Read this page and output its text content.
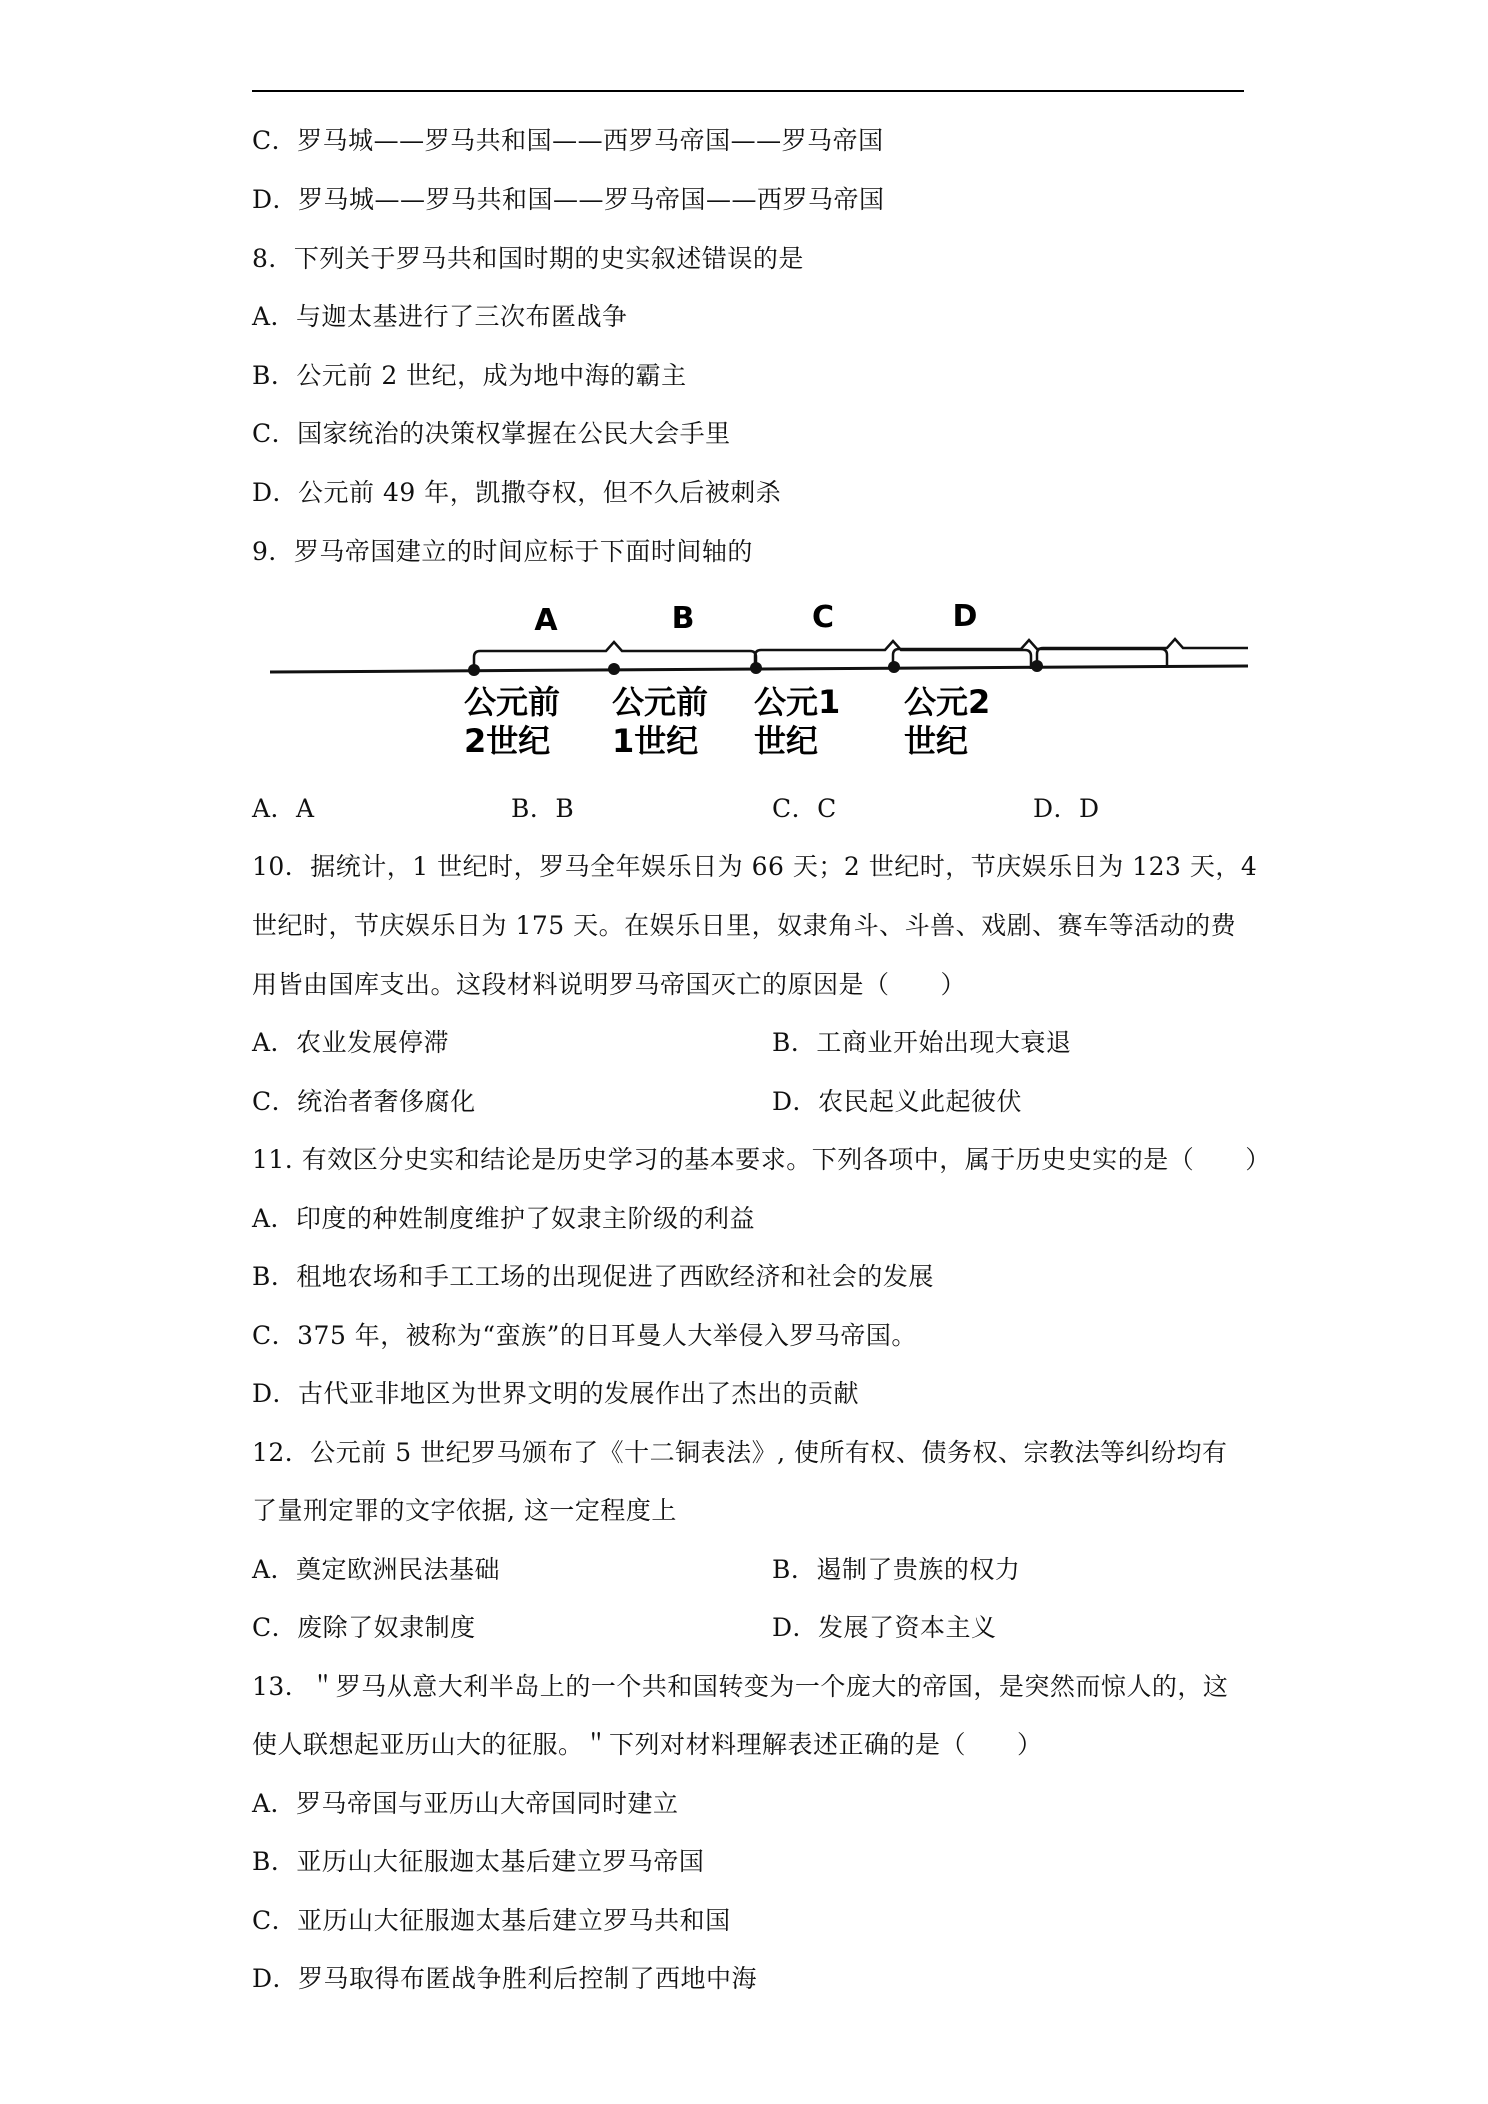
C．罗马城——罗马共和国——西罗马帝国——罗马帝国
D．罗马城——罗马共和国——罗马帝国——西罗马帝国
8．下列关于罗马共和国时期的史实叙述错误的是
A．与迦太基进行了三次布匿战争
B．公元前 2 世纪，成为地中海的霸主
C．国家统治的决策权掌握在公民大会手里
D．公元前 49 年，凯撒夺权，但不久后被刺杀
9．罗马帝国建立的时间应标于下面时间轴的
A	B	C	D
公元前
2世纪
公元前
1世纪
公元1
世纪
公元2
世纪
A．A	B．B	C．C	D．D
10．据统计，1 世纪时，罗马全年娱乐日为 66 天；2 世纪时，节庆娱乐日为 123 天，4
世纪时，节庆娱乐日为 175 天。在娱乐日里，奴隶角斗、斗兽、戏剧、赛车等活动的费
用皆由国库支出。这段材料说明罗马帝国灭亡的原因是（　　）
A．农业发展停滞	B．工商业开始出现大衰退
C．统治者奢侈腐化	D．农民起义此起彼伏
11. 有效区分史实和结论是历史学习的基本要求。下列各项中，属于历史史实的是（　　）
A．印度的种姓制度维护了奴隶主阶级的利益
B．租地农场和手工工场的出现促进了西欧经济和社会的发展
C．375 年，被称为“蛮族”的日耳曼人大举侵入罗马帝国。
D．古代亚非地区为世界文明的发展作出了杰出的贡献
12．公元前 5 世纪罗马颁布了《十二铜表法》, 使所有权、债务权、宗教法等纠纷均有
了量刑定罪的文字依据, 这一定程度上
A．奠定欧洲民法基础	B．遏制了贵族的权力
C．废除了奴隶制度	D．发展了资本主义
13．＂罗马从意大利半岛上的一个共和国转变为一个庞大的帝国，是突然而惊人的，这
使人联想起亚历山大的征服。＂下列对材料理解表述正确的是（　　）
A．罗马帝国与亚历山大帝国同时建立
B．亚历山大征服迦太基后建立罗马帝国
C．亚历山大征服迦太基后建立罗马共和国
D．罗马取得布匿战争胜利后控制了西地中海
